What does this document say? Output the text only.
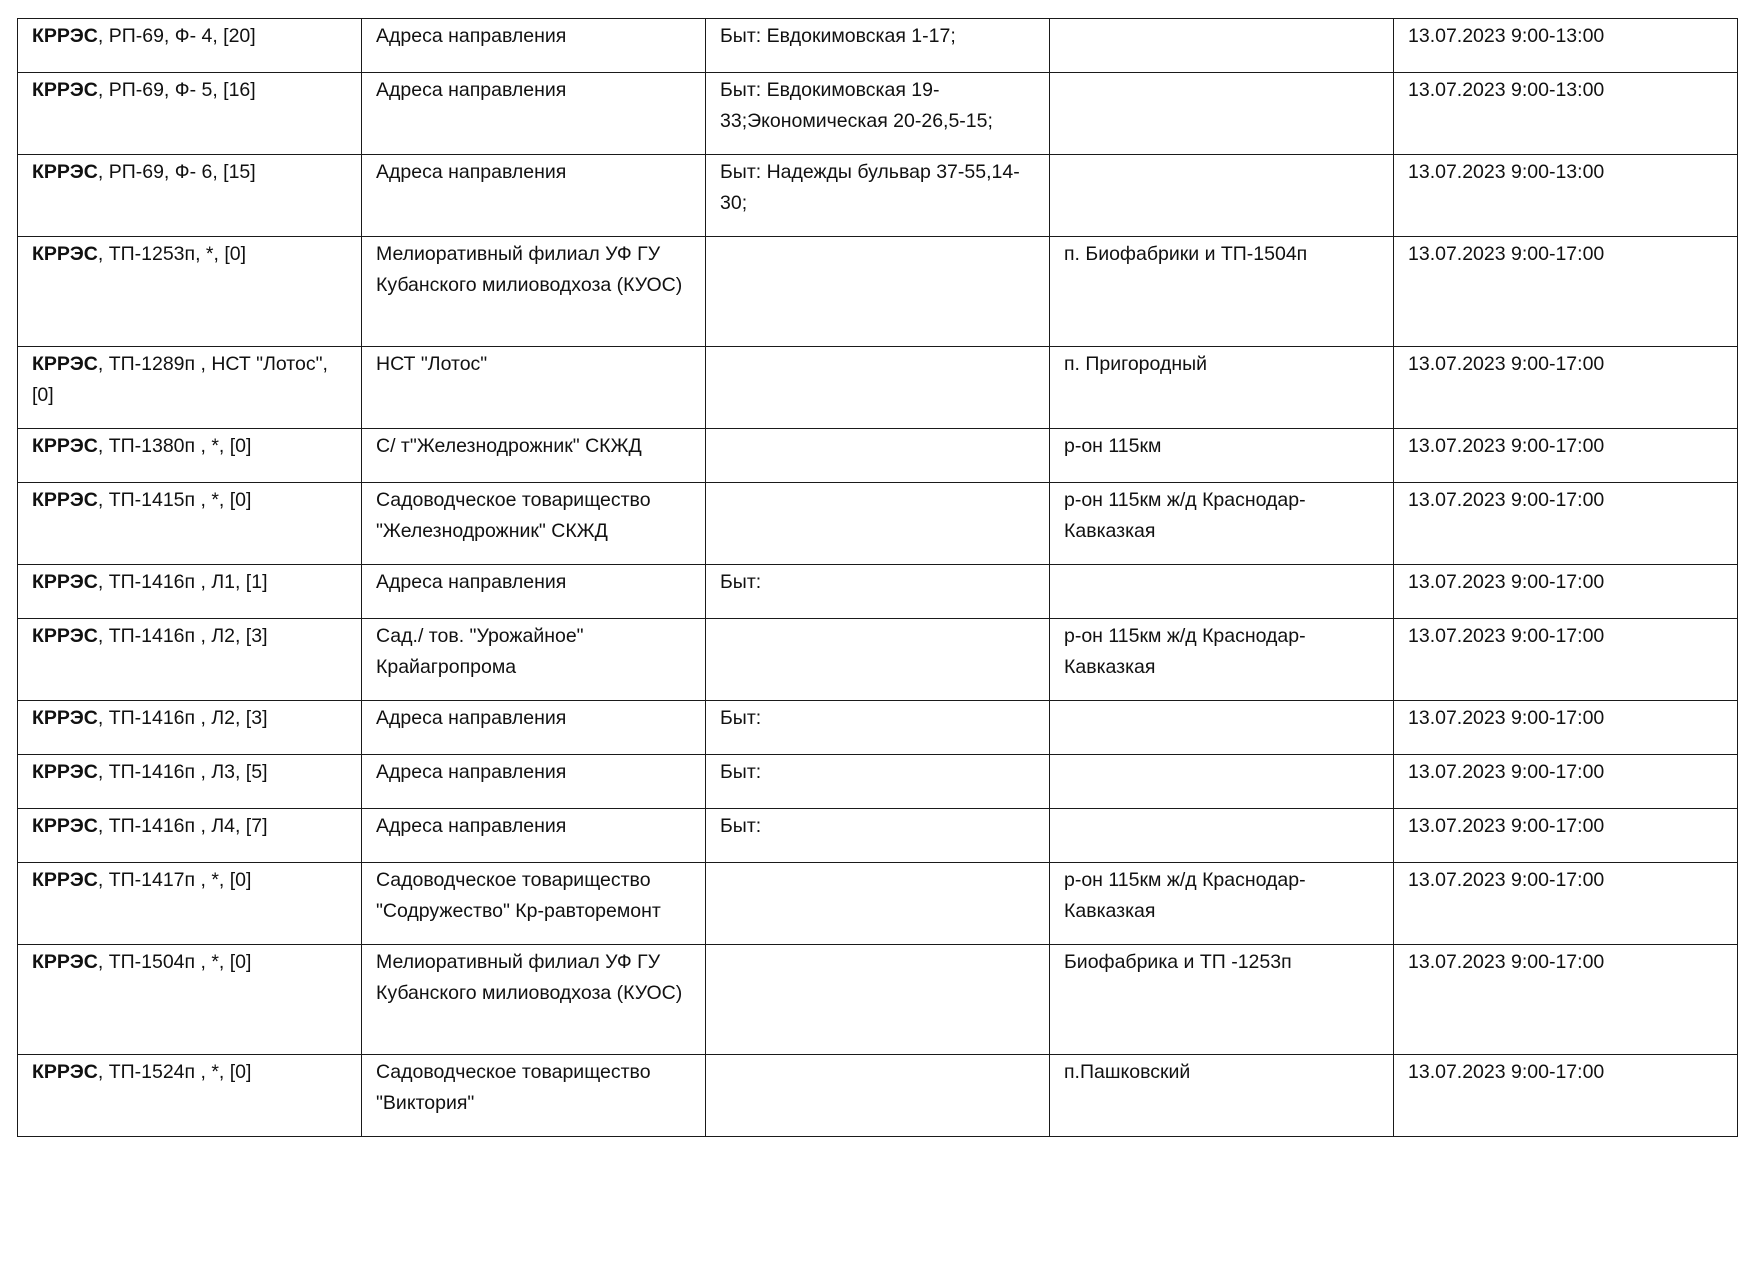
КРРЭС, РП-69, Ф- 4, [20]	Адреса направления	Быт: Евдокимовская 1-17;		13.07.2023 9:00-13:00
КРРЭС, РП-69, Ф- 5, [16]	Адреса направления	Быт: Евдокимовская 19-33;Экономическая 20-26,5-15;		13.07.2023 9:00-13:00
КРРЭС, РП-69, Ф- 6, [15]	Адреса направления	Быт: Надежды бульвар 37-55,14-30;		13.07.2023 9:00-13:00
КРРЭС, ТП-1253п, *, [0]	Мелиоративный филиал УФ ГУ Кубанского милиоводхоза (КУОС)		п. Биофабрики и ТП-1504п	13.07.2023 9:00-17:00
КРРЭС, ТП-1289п , НСТ "Лотос", [0]	НСТ "Лотос"		п. Пригородный	13.07.2023 9:00-17:00
КРРЭС, ТП-1380п , *, [0]	С/ т"Железнодрожник" СКЖД		р-он 115км	13.07.2023 9:00-17:00
КРРЭС, ТП-1415п , *, [0]	Садоводческое товарищество "Железнодрожник" СКЖД		р-он 115км ж/д Краснодар-Кавказкая	13.07.2023 9:00-17:00
КРРЭС, ТП-1416п , Л1, [1]	Адреса направления	Быт:		13.07.2023 9:00-17:00
КРРЭС, ТП-1416п , Л2, [3]	Сад./ тов. "Урожайное" Крайагропрома		р-он 115км ж/д Краснодар-Кавказкая	13.07.2023 9:00-17:00
КРРЭС, ТП-1416п , Л2, [3]	Адреса направления	Быт:		13.07.2023 9:00-17:00
КРРЭС, ТП-1416п , Л3, [5]	Адреса направления	Быт:		13.07.2023 9:00-17:00
КРРЭС, ТП-1416п , Л4, [7]	Адреса направления	Быт:		13.07.2023 9:00-17:00
КРРЭС, ТП-1417п , *, [0]	Садоводческое товарищество "Содружество" Кр-равторемонт		р-он 115км ж/д Краснодар-Кавказкая	13.07.2023 9:00-17:00
КРРЭС, ТП-1504п , *, [0]	Мелиоративный филиал УФ ГУ Кубанского милиоводхоза (КУОС)		Биофабрика и ТП -1253п	13.07.2023 9:00-17:00
КРРЭС, ТП-1524п , *, [0]	Садоводческое товарищество "Виктория"		п.Пашковский	13.07.2023 9:00-17:00
